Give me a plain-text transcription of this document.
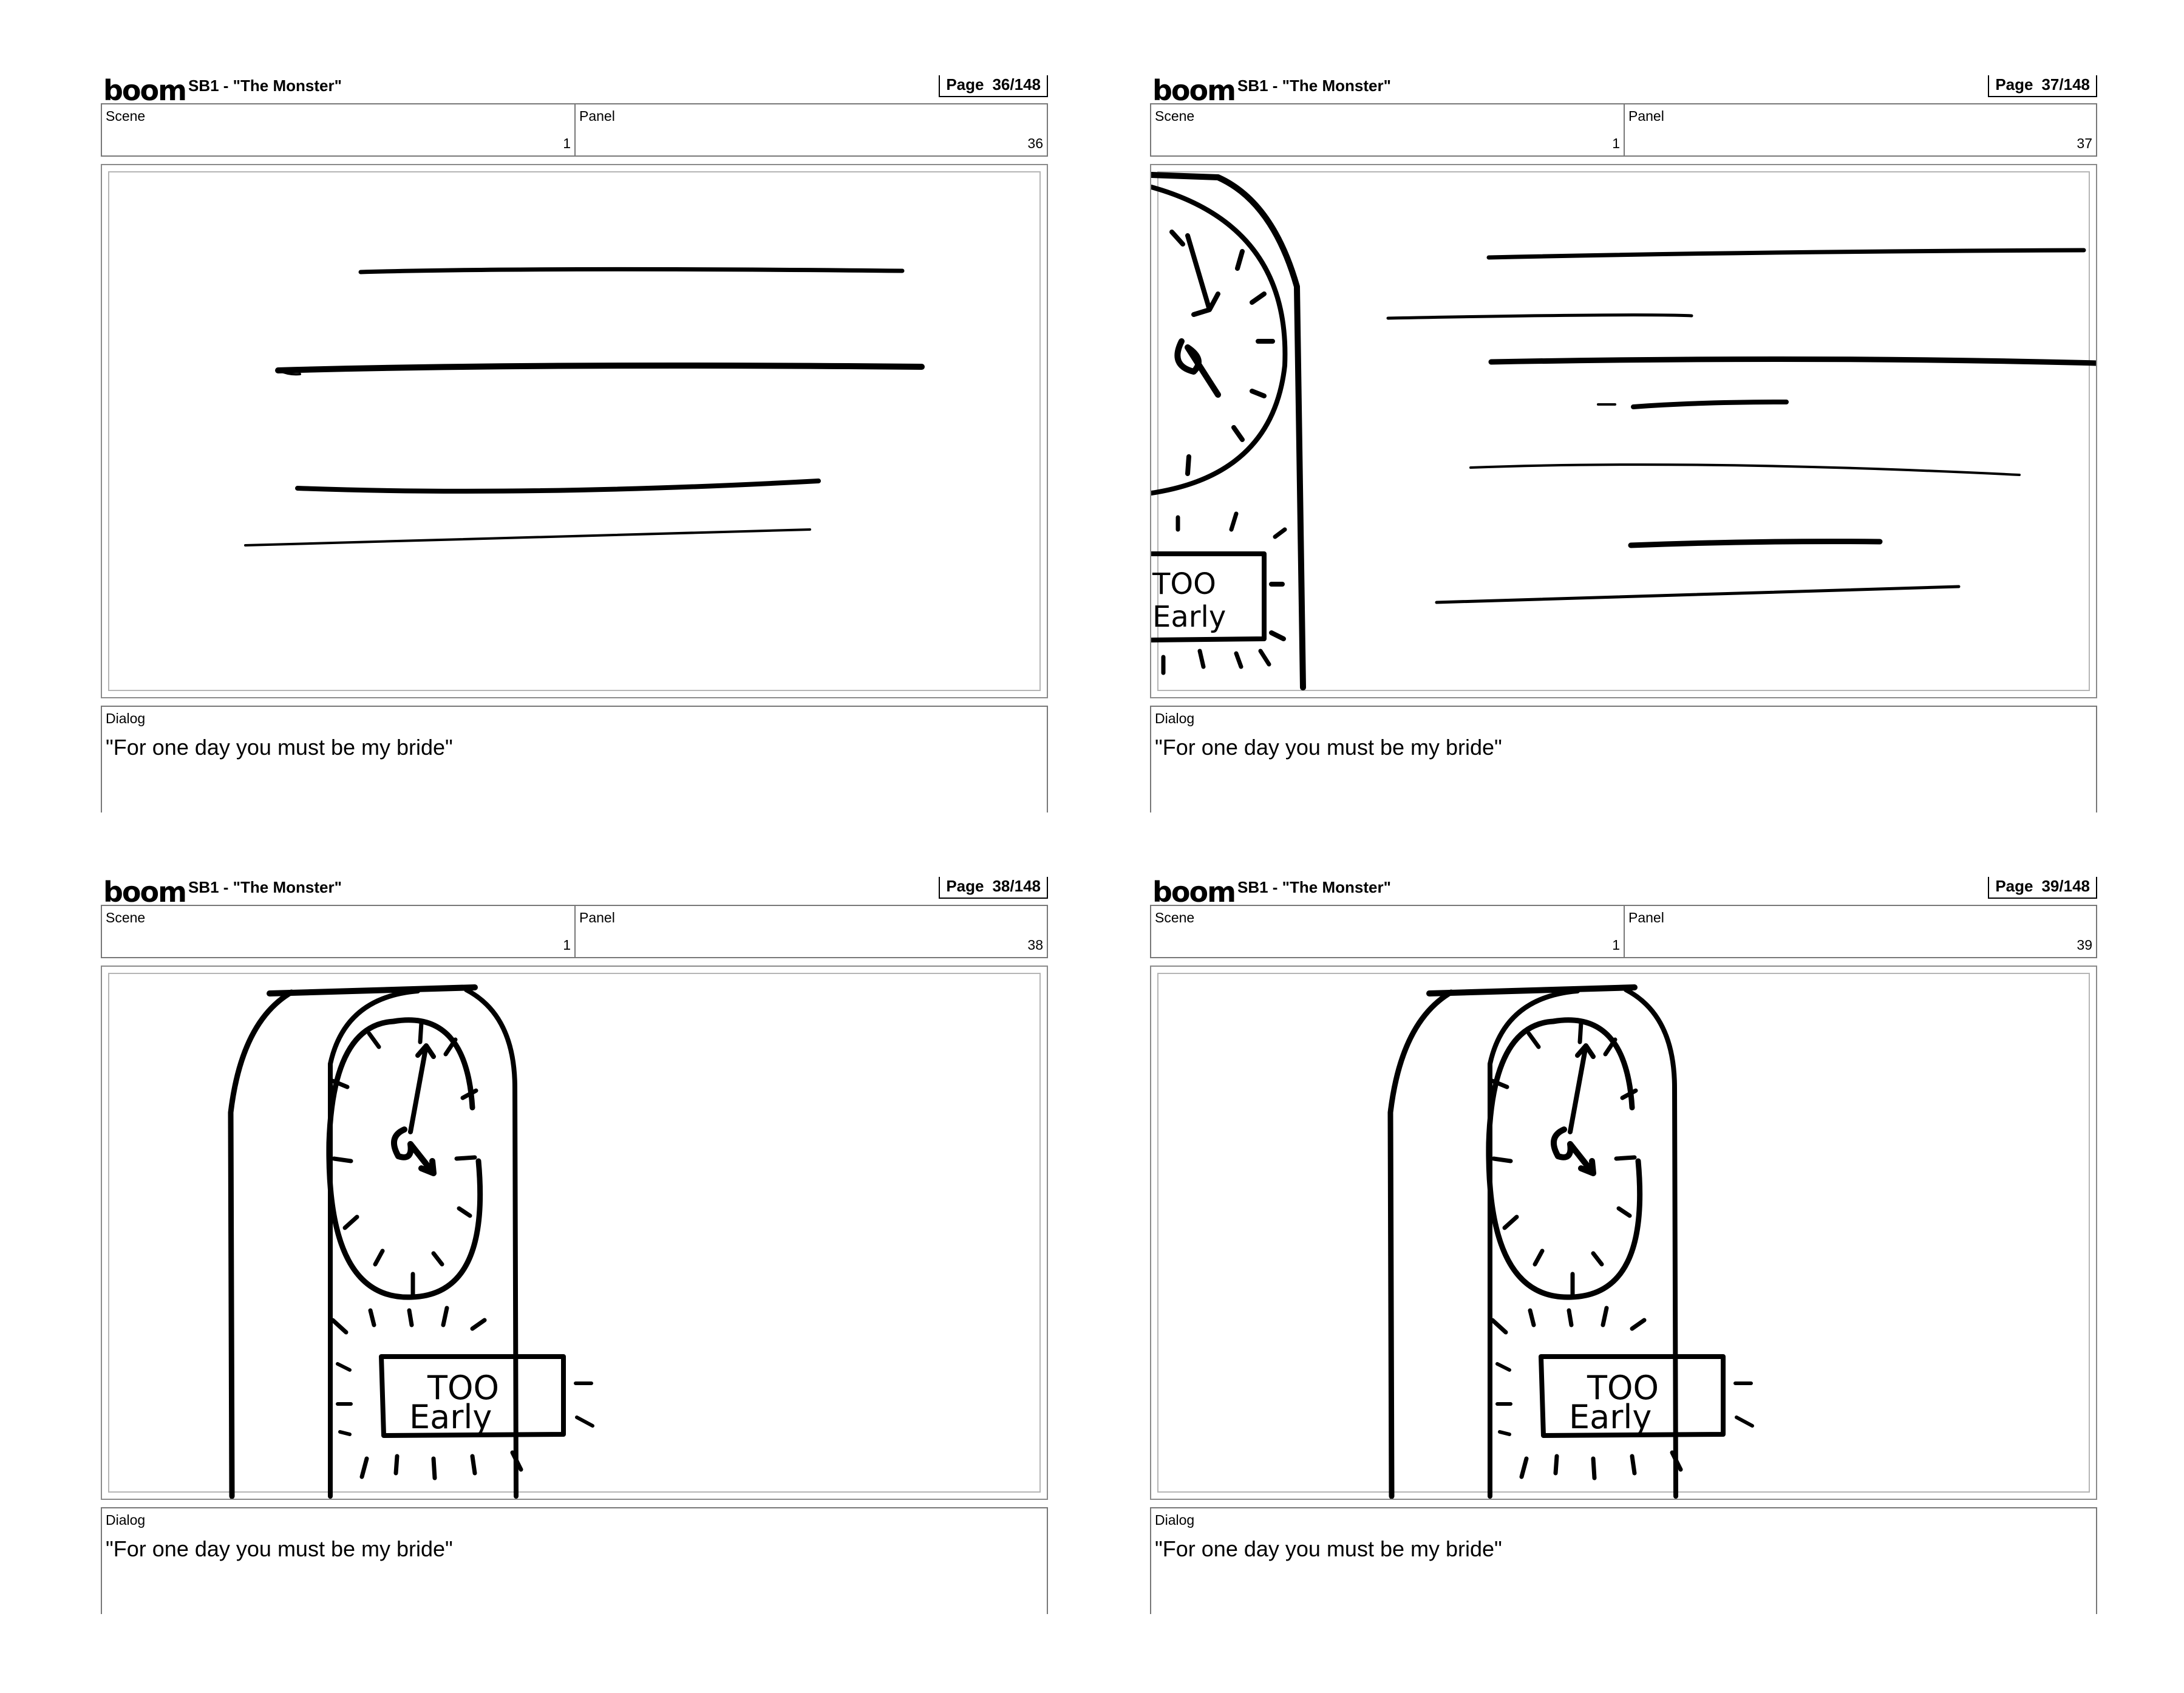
boom SB1 - "The Monster"	Page 36/148
Scene
1
Panel
36
Dialog
"For one day you must be my bride"
boom SB1 - "The Monster"	Page 37/148
Scene
1
Panel
37
TOO
Early
Dialog
"For one day you must be my bride"
boom SB1 - "The Monster"	Page 38/148
Scene
1
Panel
38
TOO
Early
Dialog
"For one day you must be my bride"
boom SB1 - "The Monster"	Page 39/148
Scene
1
Panel
39
TOO
Early
Dialog
"For one day you must be my bride"
